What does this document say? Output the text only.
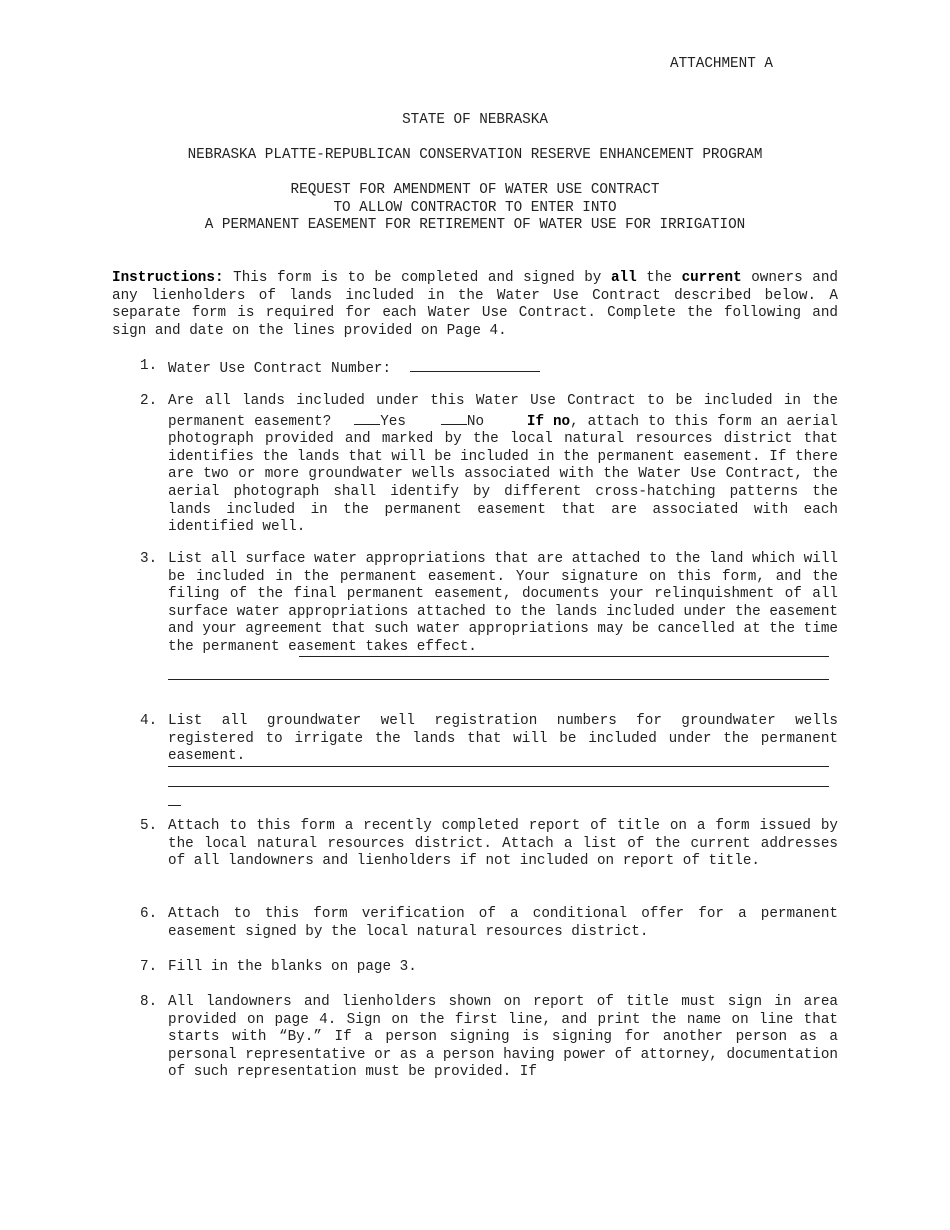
ATTACHMENT A
STATE OF NEBRASKA
NEBRASKA PLATTE-REPUBLICAN CONSERVATION RESERVE ENHANCEMENT PROGRAM
REQUEST FOR AMENDMENT OF WATER USE CONTRACT
TO ALLOW CONTRACTOR TO ENTER INTO
A PERMANENT EASEMENT FOR RETIREMENT OF WATER USE FOR IRRIGATION
Instructions: This form is to be completed and signed by all the current owners and any lienholders of lands included in the Water Use Contract described below. A separate form is required for each Water Use Contract. Complete the following and sign and date on the lines provided on Page 4.
1. Water Use Contract Number:
2. Are all lands included under this Water Use Contract to be included in the permanent easement?	Yes	No	If no, attach to this form an aerial photograph provided and marked by the local natural resources district that identifies the lands that will be included in the permanent easement. If there are two or more groundwater wells associated with the Water Use Contract, the aerial photograph shall identify by different cross-hatching patterns the lands included in the permanent easement that are associated with each identified well.
3. List all surface water appropriations that are attached to the land which will be included in the permanent easement. Your signature on this form, and the filing of the final permanent easement, documents your relinquishment of all surface water appropriations attached to the lands included under the easement and your agreement that such water appropriations may be cancelled at the time the permanent easement takes effect.
4. List all groundwater well registration numbers for groundwater wells registered to irrigate the lands that will be included under the permanent easement.
5. Attach to this form a recently completed report of title on a form issued by the local natural resources district. Attach a list of the current addresses of all landowners and lienholders if not included on report of title.
6. Attach to this form verification of a conditional offer for a permanent easement signed by the local natural resources district.
7. Fill in the blanks on page 3.
8. All landowners and lienholders shown on report of title must sign in area provided on page 4. Sign on the first line, and print the name on line that starts with “By.” If a person signing is signing for another person as a personal representative or as a person having power of attorney, documentation of such representation must be provided. If
